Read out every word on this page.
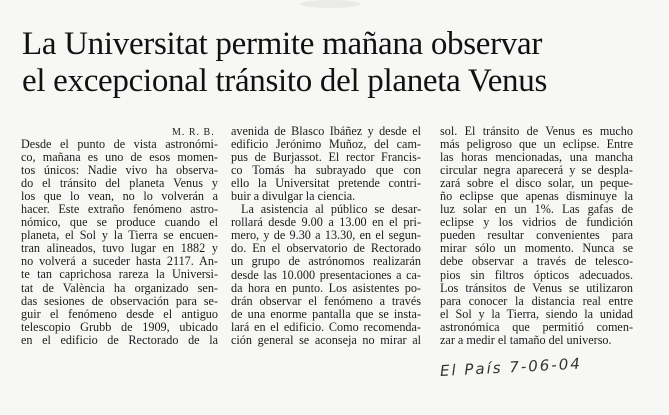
La Universitat permite mañana observar
el excepcional tránsito del planeta Venus
M. R. B.

Desde el punto de vista astronómi-
co, mañana es uno de esos momen-
tos únicos: Nadie vivo ha observa-
do el tránsito del planeta Venus y
los que lo vean, no lo volverán a
hacer. Este extraño fenómeno astro-
nómico, que se produce cuando el
planeta, el Sol y la Tierra se encuen-
tran alineados, tuvo lugar en 1882 y
no volverá a suceder hasta 2117. An-
te tan caprichosa rareza la Universi-
tat de València ha organizado sen-
das sesiones de observación para se-
guir el fenómeno desde el antiguo
telescopio Grubb de 1909, ubicado
en el edificio de Rectorado de la

avenida de Blasco Ibáñez y desde el
edificio Jerónimo Muñoz, del cam-
pus de Burjassot. El rector Francis-
co Tomás ha subrayado que con
ello la Universitat pretende contri-
buir a divulgar la ciencia.
La asistencia al público se desar-
rollará desde 9.00 a 13.00 en el pri-
mero, y de 9.30 a 13.30, en el segun-
do. En el observatorio de Rectorado
un grupo de astrónomos realizarán
desde las 10.000 presentaciones a ca-
da hora en punto. Los asistentes po-
drán observar el fenómeno a través
de una enorme pantalla que se insta-
lará en el edificio. Como recomenda-
ción general se aconseja no mirar al

sol. El tránsito de Venus es mucho
más peligroso que un eclipse. Entre
las horas mencionadas, una mancha
circular negra aparecerá y se despla-
zará sobre el disco solar, un peque-
ño eclipse que apenas disminuye la
luz solar en un 1%. Las gafas de
eclipse y los vidrios de fundición
pueden resultar convenientes para
mirar sólo un momento. Nunca se
debe observar a través de telesco-
pios sin filtros ópticos adecuados.
Los tránsitos de Venus se utilizaron
para conocer la distancia real entre
el Sol y la Tierra, siendo la unidad
astronómica que permitió comen-
zar a medir el tamaño del universo.

El País 7-06-04
